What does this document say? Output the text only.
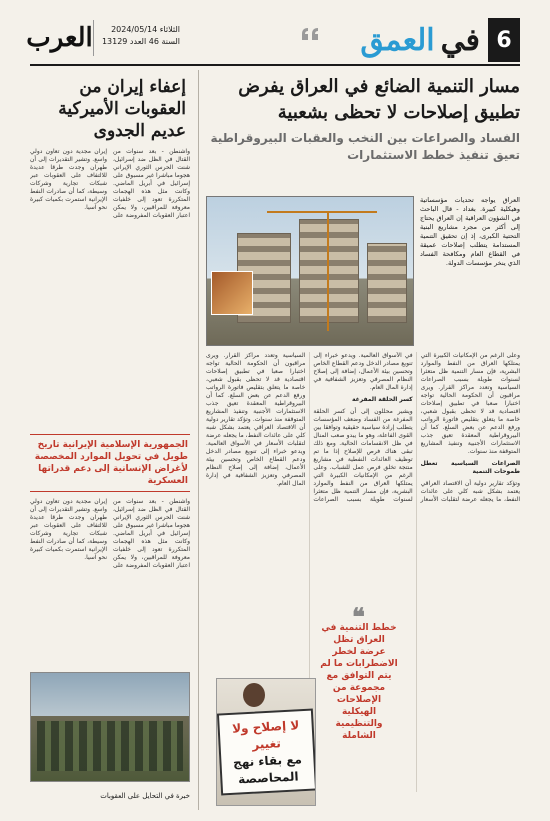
6
في
العمق
الثلاثاء 2024/05/14
السنة 46 العدد 13129
العرب
إعفاء إيران من العقوبات الأميركية عديم الجدوى
واشنطن - بعد سنوات من القتال في الظل ضد إسرائيل، شنت الحرس الثوري الإيراني هجوما مباشرا غير مسبوق على إسرائيل في أبريل الماضي. وكانت مثل هذه الهجمات المتكررة تعود إلى خلفيات معروفة للمراقبين، ولا يمكن اعتبار العقوبات المفروضة على إيران مجدية دون تعاون دولي واسع. وتشير التقديرات إلى أن طهران وجدت طرقا عديدة للالتفاف على العقوبات عبر شبكات تجارية وشركات وسيطة، كما أن صادرات النفط الإيرانية استمرت بكميات كبيرة نحو آسيا.
الجمهورية الإسلامية الإيرانية تاريخ طويل في تحويل الموارد المخصصة لأغراض الإنسانية إلى دعم قدراتها العسكرية
واشنطن - بعد سنوات من القتال في الظل ضد إسرائيل، شنت الحرس الثوري الإيراني هجوما مباشرا غير مسبوق على إسرائيل في أبريل الماضي. وكانت مثل هذه الهجمات المتكررة تعود إلى خلفيات معروفة للمراقبين، ولا يمكن اعتبار العقوبات المفروضة على إيران مجدية دون تعاون دولي واسع. وتشير التقديرات إلى أن طهران وجدت طرقا عديدة للالتفاف على العقوبات عبر شبكات تجارية وشركات وسيطة، كما أن صادرات النفط الإيرانية استمرت بكميات كبيرة نحو آسيا.
خبرة في التحايل على العقوبات
مسار التنمية الضائع في العراق يفرض تطبيق إصلاحات لا تحظى بشعبية
الفساد والصراعات بين النخب والعقبات البيروقراطية تعيق تنفيذ خطط الاستثمارات
العراق يواجه تحديات مؤسساتية وهيكلية كبيرة. بغداد - قال الباحث في الشؤون العراقية إن العراق يحتاج إلى أكثر من مجرد مشاريع البنية التحتية الكبرى، إذ إن تحقيق التنمية المستدامة يتطلب إصلاحات عميقة في القطاع العام ومكافحة الفساد الذي ينخر مؤسسات الدولة.
وعلى الرغم من الإمكانيات الكبيرة التي يمتلكها العراق من النفط والموارد البشرية، فإن مسار التنمية ظل متعثرا لسنوات طويلة بسبب الصراعات السياسية وتعدد مراكز القرار. ويرى مراقبون أن الحكومة الحالية تواجه اختبارا صعبا في تطبيق إصلاحات اقتصادية قد لا تحظى بقبول شعبي، خاصة ما يتعلق بتقليص فاتورة الرواتب ورفع الدعم عن بعض السلع. كما أن البيروقراطية المعقدة تعيق جذب الاستثمارات الأجنبية وتنفيذ المشاريع المتوقفة منذ سنوات.
الصراعات السياسية تعطل طموحات التنمية
وتؤكد تقارير دولية أن الاقتصاد العراقي يعتمد بشكل شبه كلي على عائدات النفط، ما يجعله عرضة لتقلبات الأسعار في الأسواق العالمية. ويدعو خبراء إلى تنويع مصادر الدخل ودعم القطاع الخاص وتحسين بيئة الأعمال، إضافة إلى إصلاح النظام المصرفي وتعزيز الشفافية في إدارة المال العام.
كسر الحلقة المفرغة
ويشير محللون إلى أن كسر الحلقة المفرغة من الفساد وضعف المؤسسات يتطلب إرادة سياسية حقيقية وتوافقا بين القوى الفاعلة، وهو ما يبدو صعب المنال في ظل الانقسامات الحالية. ومع ذلك تبقى هناك فرص للإصلاح إذا ما تم توظيف العائدات النفطية في مشاريع منتجة تخلق فرص عمل للشباب. وعلى الرغم من الإمكانيات الكبيرة التي يمتلكها العراق من النفط والموارد البشرية، فإن مسار التنمية ظل متعثرا لسنوات طويلة بسبب الصراعات السياسية وتعدد مراكز القرار. ويرى مراقبون أن الحكومة الحالية تواجه اختبارا صعبا في تطبيق إصلاحات اقتصادية قد لا تحظى بقبول شعبي، خاصة ما يتعلق بتقليص فاتورة الرواتب ورفع الدعم عن بعض السلع. كما أن البيروقراطية المعقدة تعيق جذب الاستثمارات الأجنبية وتنفيذ المشاريع المتوقفة منذ سنوات. وتؤكد تقارير دولية أن الاقتصاد العراقي يعتمد بشكل شبه كلي على عائدات النفط، ما يجعله عرضة لتقلبات الأسعار في الأسواق العالمية. ويدعو خبراء إلى تنويع مصادر الدخل ودعم القطاع الخاص وتحسين بيئة الأعمال، إضافة إلى إصلاح النظام المصرفي وتعزيز الشفافية في إدارة المال العام.
❝
خطط التنمية في العراق تظل عرضة لخطر الاضطرابات ما لم يتم التوافق مع مجموعة من الإصلاحات الهيكلية والتنظيمية الشاملة
لا إصلاح ولا تغيير
مع بقاء نهج
المحاصصة
